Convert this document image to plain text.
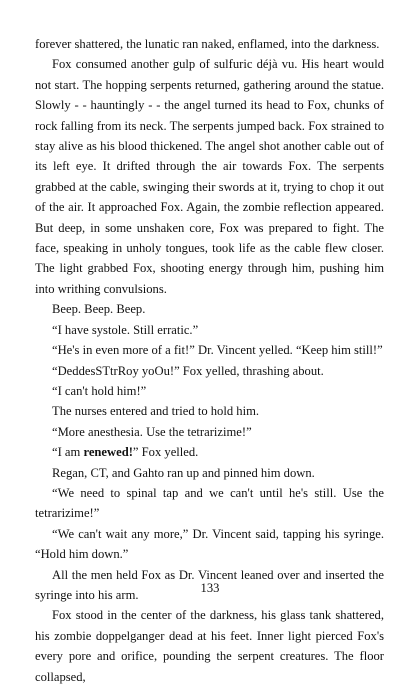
forever shattered, the lunatic ran naked, enflamed, into the darkness.

Fox consumed another gulp of sulfuric déjà vu. His heart would not start. The hopping serpents returned, gathering around the statue. Slowly - - hauntingly - - the angel turned its head to Fox, chunks of rock falling from its neck. The serpents jumped back. Fox strained to stay alive as his blood thickened. The angel shot another cable out of its left eye. It drifted through the air towards Fox. The serpents grabbed at the cable, swinging their swords at it, trying to chop it out of the air. It approached Fox. Again, the zombie reflection appeared. But deep, in some unshaken core, Fox was prepared to fight. The face, speaking in unholy tongues, took life as the cable flew closer. The light grabbed Fox, shooting energy through him, pushing him into writhing convulsions.

Beep. Beep. Beep.

“I have systole. Still erratic.”

“He's in even more of a fit!” Dr. Vincent yelled. “Keep him still!”

“DeddesSTtrRoy yoOu!” Fox yelled, thrashing about.

“I can't hold him!”

The nurses entered and tried to hold him.

“More anesthesia. Use the tetrarizime!”

“I am renewed!” Fox yelled.

Regan, CT, and Gahto ran up and pinned him down.

“We need to spinal tap and we can't until he's still. Use the tetrarizime!”

“We can't wait any more,” Dr. Vincent said, tapping his syringe. “Hold him down.”

All the men held Fox as Dr. Vincent leaned over and inserted the syringe into his arm.

Fox stood in the center of the darkness, his glass tank shattered, his zombie doppelganger dead at his feet. Inner light pierced Fox's every pore and orifice, pounding the serpent creatures. The floor collapsed,

133
